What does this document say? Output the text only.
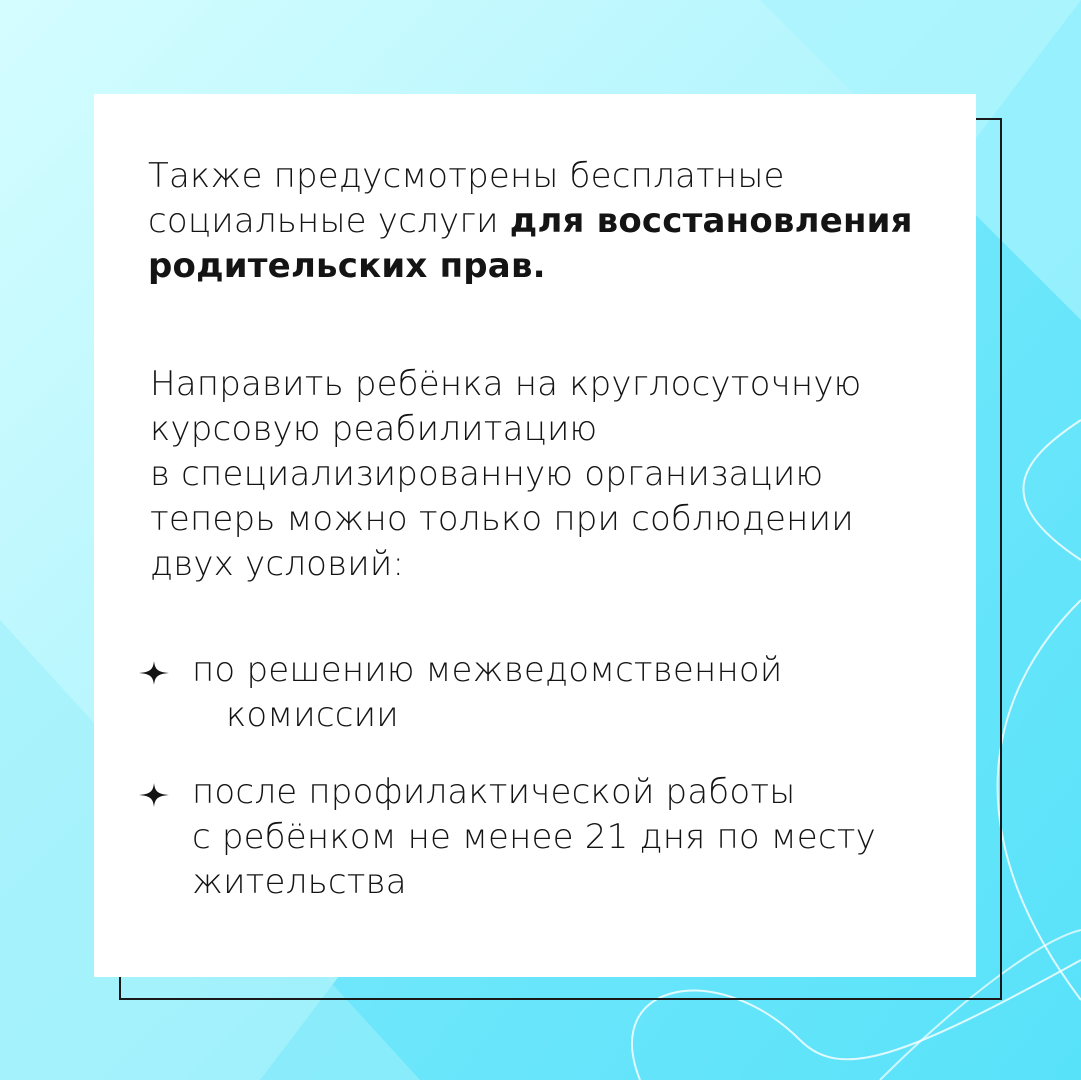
Также предусмотрены бесплатные социальные услуги для восстановления родительских прав.
Направить ребёнка на круглосуточную
курсовую реабилитацию
в специализированную организацию
теперь можно только при соблюдении
двух условий:
по решению межведомственной
комиссии
после профилактической работы
с ребёнком не менее 21 дня по месту
жительства
